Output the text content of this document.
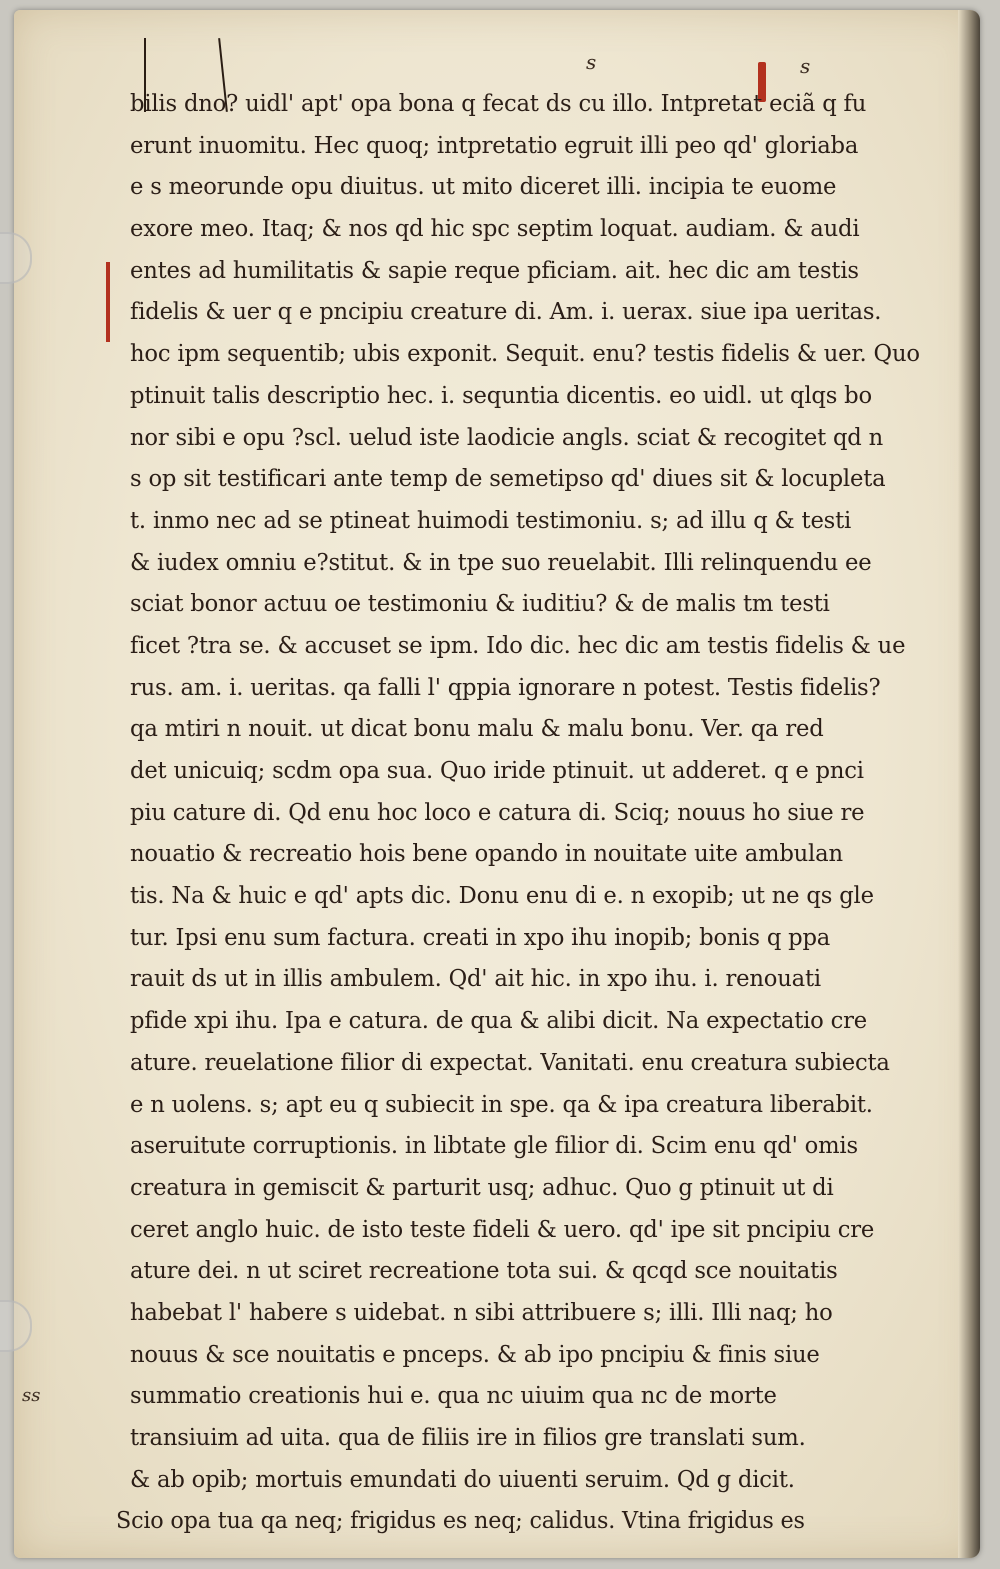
s	s
ss
bilis dno? uidl' apt' opa bona q fecat ds cu illo. Intpretat eciã q fu
erunt inuomitu. Hec quoq; intpretatio egruit illi peo qd' gloriaba
e s meorunde opu diuitus. ut mito diceret illi. incipia te euome
exore meo. Itaq; & nos qd hic spc septim loquat. audiam. & audi
entes ad humilitatis & sapie reque pficiam. ait. hec dic am testis
fidelis & uer q e pncipiu creature di. Am. i. uerax. siue ipa ueritas.
hoc ipm sequentib; ubis exponit. Sequit. enu? testis fidelis & uer. Quo
ptinuit talis descriptio hec. i. sequntia dicentis. eo uidl. ut qlqs bo
nor sibi e opu ?scl. uelud iste laodicie angls. sciat & recogitet qd n
s op sit testificari ante temp de semetipso qd' diues sit & locupleta
t. inmo nec ad se ptineat huimodi testimoniu. s; ad illu q & testi
& iudex omniu e?stitut. & in tpe suo reuelabit. Illi relinquendu ee
sciat bonor actuu oe testimoniu & iuditiu? & de malis tm testi
ficet ?tra se. & accuset se ipm. Ido dic. hec dic am testis fidelis & ue
rus. am. i. ueritas. qa falli l' qppia ignorare n potest. Testis fidelis?
qa mtiri n nouit. ut dicat bonu malu & malu bonu. Ver. qa red
det unicuiq; scdm opa sua. Quo iride ptinuit. ut adderet. q e pnci
piu cature di. Qd enu hoc loco e catura di. Sciq; nouus ho siue re
nouatio & recreatio hois bene opando in nouitate uite ambulan
tis. Na & huic e qd' apts dic. Donu enu di e. n exopib; ut ne qs gle
tur. Ipsi enu sum factura. creati in xpo ihu inopib; bonis q ppa
rauit ds ut in illis ambulem. Qd' ait hic. in xpo ihu. i. renouati
pfide xpi ihu. Ipa e catura. de qua & alibi dicit. Na expectatio cre
ature. reuelatione filior di expectat. Vanitati. enu creatura subiecta
e n uolens. s; apt eu q subiecit in spe. qa & ipa creatura liberabit.
aseruitute corruptionis. in libtate gle filior di. Scim enu qd' omis
creatura in gemiscit & parturit usq; adhuc. Quo g ptinuit ut di
ceret anglo huic. de isto teste fideli & uero. qd' ipe sit pncipiu cre
ature dei. n ut sciret recreatione tota sui. & qcqd sce nouitatis
habebat l' habere s uidebat. n sibi attribuere s; illi. Illi naq; ho
nouus & sce nouitatis e pnceps. & ab ipo pncipiu & finis siue
summatio creationis hui e. qua nc uiuim qua nc de morte
transiuim ad uita. qua de filiis ire in filios gre translati sum.
& ab opib; mortuis emundati do uiuenti seruim. Qd g dicit.
Scio opa tua qa neq; frigidus es neq; calidus. Vtina frigidus es
